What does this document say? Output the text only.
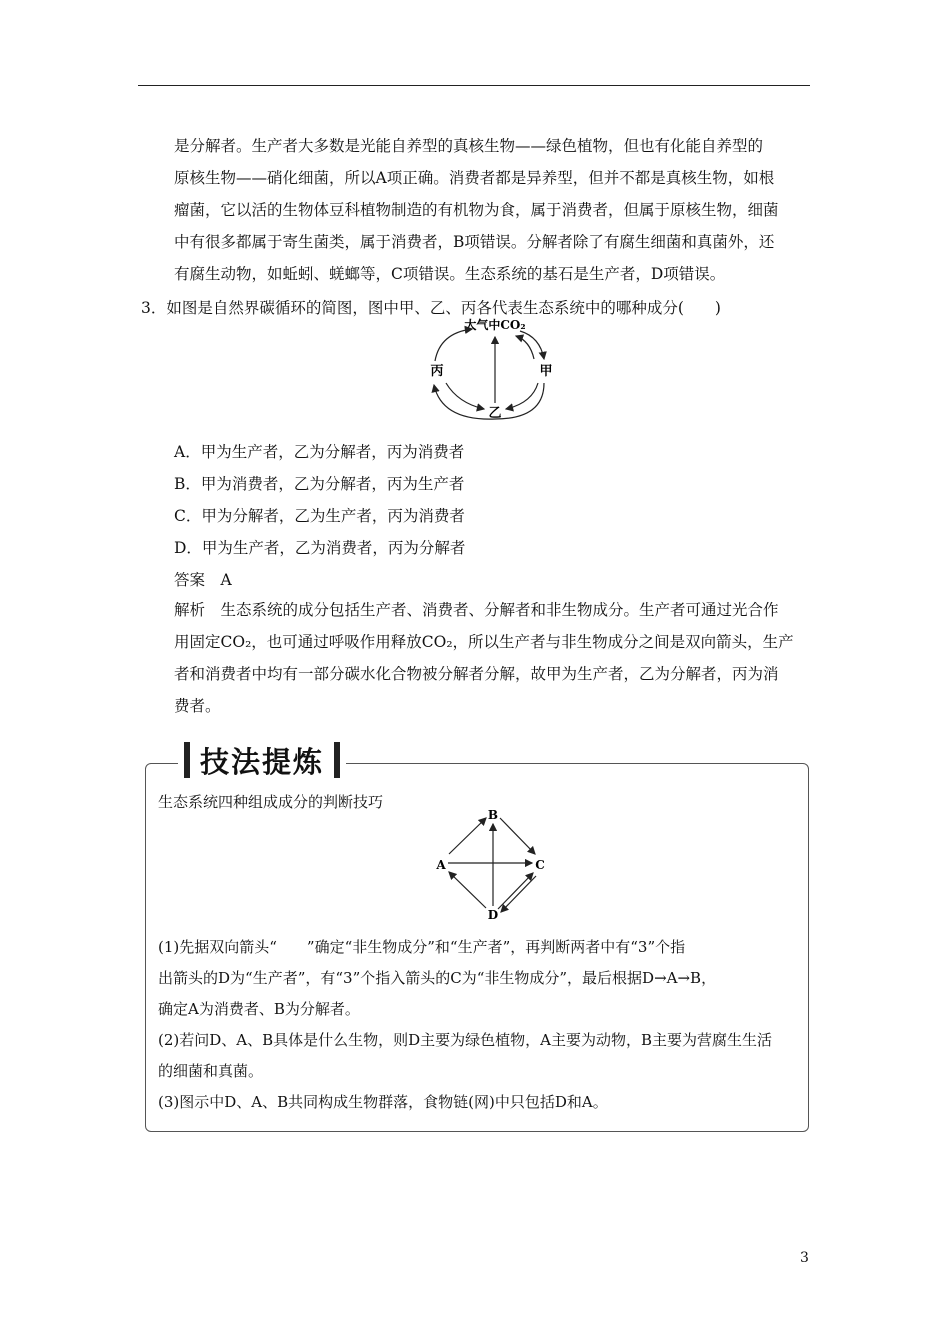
是分解者。生产者大多数是光能自养型的真核生物——绿色植物，但也有化能自养型的
原核生物——硝化细菌，所以A项正确。消费者都是异养型，但并不都是真核生物，如根
瘤菌，它以活的生物体豆科植物制造的有机物为食，属于消费者，但属于原核生物，细菌
中有很多都属于寄生菌类，属于消费者，B项错误。分解者除了有腐生细菌和真菌外，还
有腐生动物，如蚯蚓、蜣螂等，C项错误。生态系统的基石是生产者，D项错误。
3．如图是自然界碳循环的简图，图中甲、乙、丙各代表生态系统中的哪种成分(　　)
大气中CO₂
丙	甲
乙
A．甲为生产者，乙为分解者，丙为消费者
B．甲为消费者，乙为分解者，丙为生产者
C．甲为分解者，乙为生产者，丙为消费者
D．甲为生产者，乙为消费者，丙为分解者
答案　A
解析　生态系统的成分包括生产者、消费者、分解者和非生物成分。生产者可通过光合作
用固定CO₂，也可通过呼吸作用释放CO₂，所以生产者与非生物成分之间是双向箭头，生产
者和消费者中均有一部分碳水化合物被分解者分解，故甲为生产者，乙为分解者，丙为消
费者。
技法提炼
生态系统四种组成成分的判断技巧
B
A	C
D
(1)先据双向箭头“　　”确定“非生物成分”和“生产者”，再判断两者中有“3”个指
出箭头的D为“生产者”，有“3”个指入箭头的C为“非生物成分”，最后根据D→A→B，
确定A为消费者、B为分解者。
(2)若问D、A、B具体是什么生物，则D主要为绿色植物，A主要为动物，B主要为营腐生生活
的细菌和真菌。
(3)图示中D、A、B共同构成生物群落，食物链(网)中只包括D和A。
3
